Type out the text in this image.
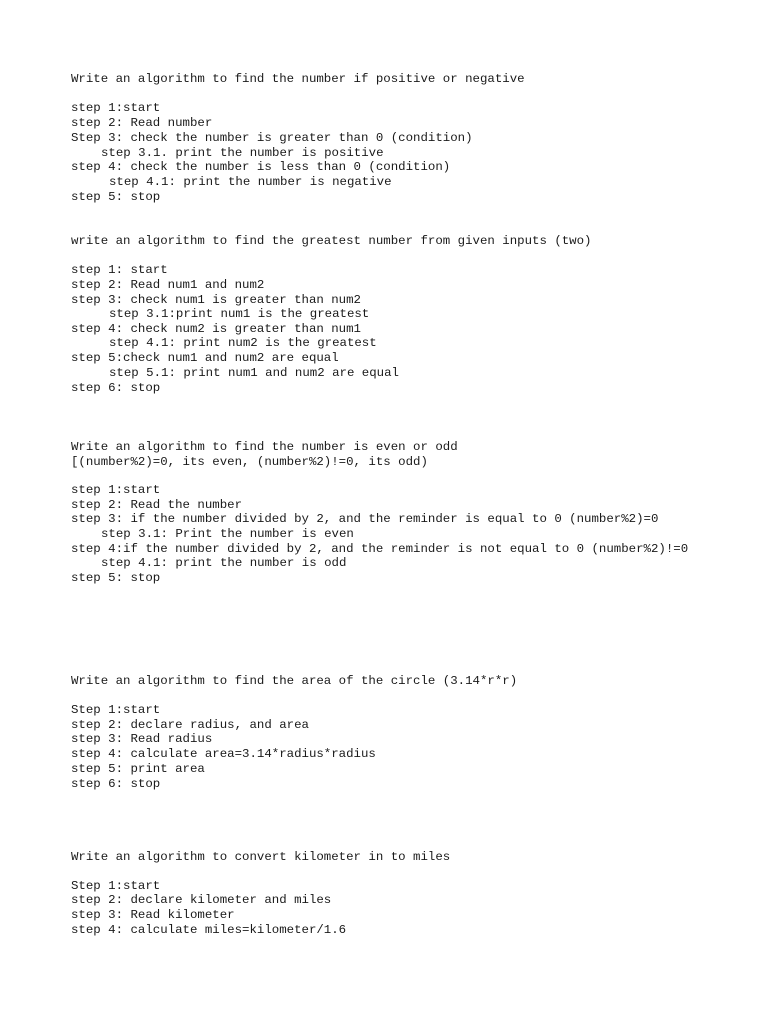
Write an algorithm to find the number if positive or negative
step 1:start
step 2: Read number
Step 3: check the number is greater than 0 (condition)
step 3.1. print the number is positive
step 4: check the number is less than 0 (condition)
step 4.1: print the number is negative
step 5: stop
write an algorithm to find the greatest number from given inputs (two)
step 1: start
step 2: Read num1 and num2
step 3: check num1 is greater than num2
step 3.1:print num1 is the greatest
step 4: check num2 is greater than num1
step 4.1: print num2 is the greatest
step 5:check num1 and num2 are equal
step 5.1: print num1 and num2 are equal
step 6: stop
Write an algorithm to find the number is even or odd
[(number%2)=0, its even, (number%2)!=0, its odd)
step 1:start
step 2: Read the number
step 3: if the number divided by 2, and the reminder is equal to 0 (number%2)=0
step 3.1: Print the number is even
step 4:if the number divided by 2, and the reminder is not equal to 0 (number%2)!=0
step 4.1: print the number is odd
step 5: stop
Write an algorithm to find the area of the circle (3.14*r*r)
Step 1:start
step 2: declare radius, and area
step 3: Read radius
step 4: calculate area=3.14*radius*radius
step 5: print area
step 6: stop
Write an algorithm to convert kilometer in to miles
Step 1:start
step 2: declare kilometer and miles
step 3: Read kilometer
step 4: calculate miles=kilometer/1.6
